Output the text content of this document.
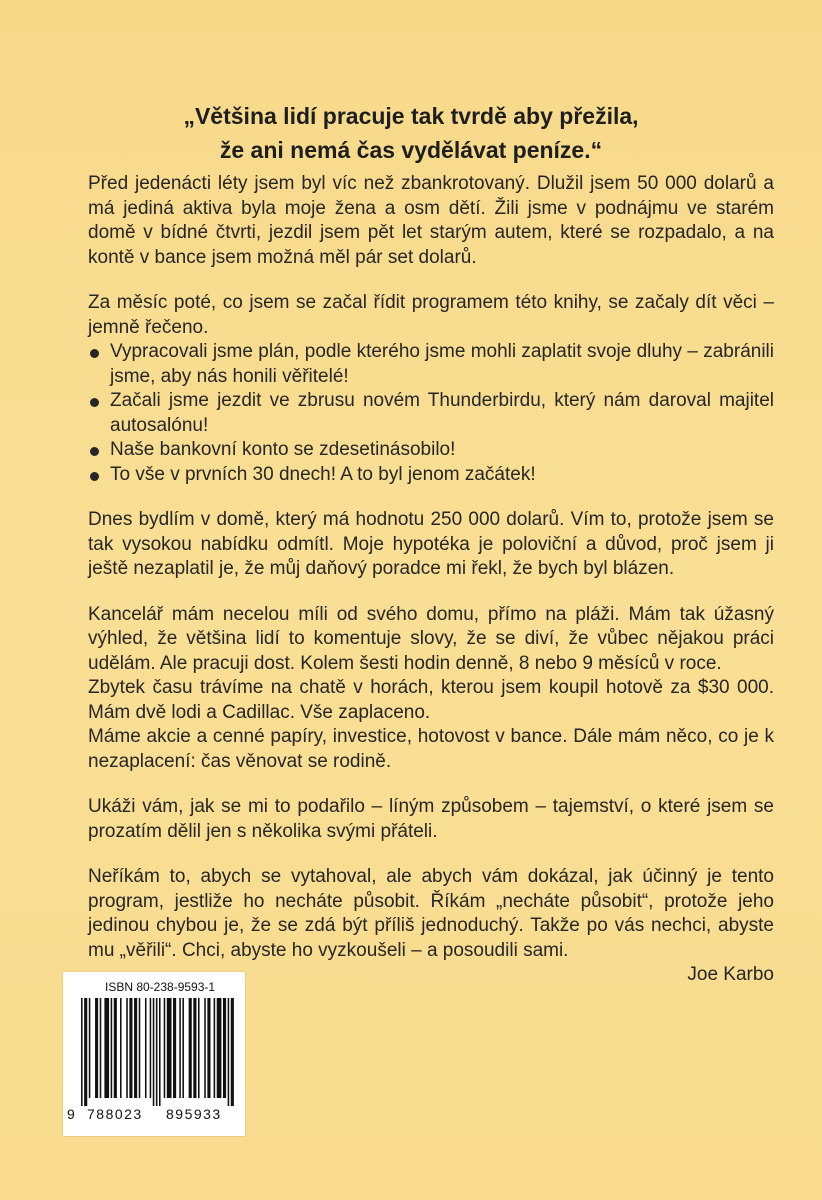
„Většina lidí pracuje tak tvrdě aby přežila,
že ani nemá čas vydělávat peníze.“

Před jedenácti léty jsem byl víc než zbankrotovaný. Dlužil jsem 50 000 dolarů a má jediná aktiva byla moje žena a osm dětí. Žili jsme v podnájmu ve starém domě v bídné čtvrti, jezdil jsem pět let starým autem, které se rozpadalo, a na kontě v bance jsem možná měl pár set dolarů.

Za měsíc poté, co jsem se začal řídit programem této knihy, se začaly dít věci – jemně řečeno.

Vypracovali jsme plán, podle kterého jsme mohli zaplatit svoje dluhy – zabránili jsme, aby nás honili věřitelé!
Začali jsme jezdit ve zbrusu novém Thunderbirdu, který nám daroval majitel autosalónu!
Naše bankovní konto se zdesetinásobilo!
To vše v prvních 30 dnech! A to byl jenom začátek!

Dnes bydlím v domě, který má hodnotu 250 000 dolarů. Vím to, protože jsem se tak vysokou nabídku odmítl. Moje hypotéka je poloviční a důvod, proč jsem ji ještě nezaplatil je, že můj daňový poradce mi řekl, že bych byl blázen.

Kancelář mám necelou míli od svého domu, přímo na pláži. Mám tak úžasný výhled, že většina lidí to komentuje slovy, že se diví, že vůbec nějakou práci udělám. Ale pracuji dost. Kolem šesti hodin denně, 8 nebo 9 měsíců v roce.

Zbytek času trávíme na chatě v horách, kterou jsem koupil hotově za $30 000. Mám dvě lodi a Cadillac. Vše zaplaceno.

Máme akcie a cenné papíry, investice, hotovost v bance. Dále mám něco, co je k nezaplacení: čas věnovat se rodině.

Ukáži vám, jak se mi to podařilo – líným způsobem – tajemství, o které jsem se prozatím dělil jen s několika svými přáteli.

Neříkám to, abych se vytahoval, ale abych vám dokázal, jak účinný je tento program, jestliže ho necháte působit. Říkám „necháte působit“, protože jeho jedinou chybou je, že se zdá být příliš jednoduchý. Takže po vás nechci, abyste mu „věřili“. Chci, abyste ho vyzkoušeli – a posoudili sami.

Joe Karbo

ISBN 80-238-9593-1
9 788023 895933
